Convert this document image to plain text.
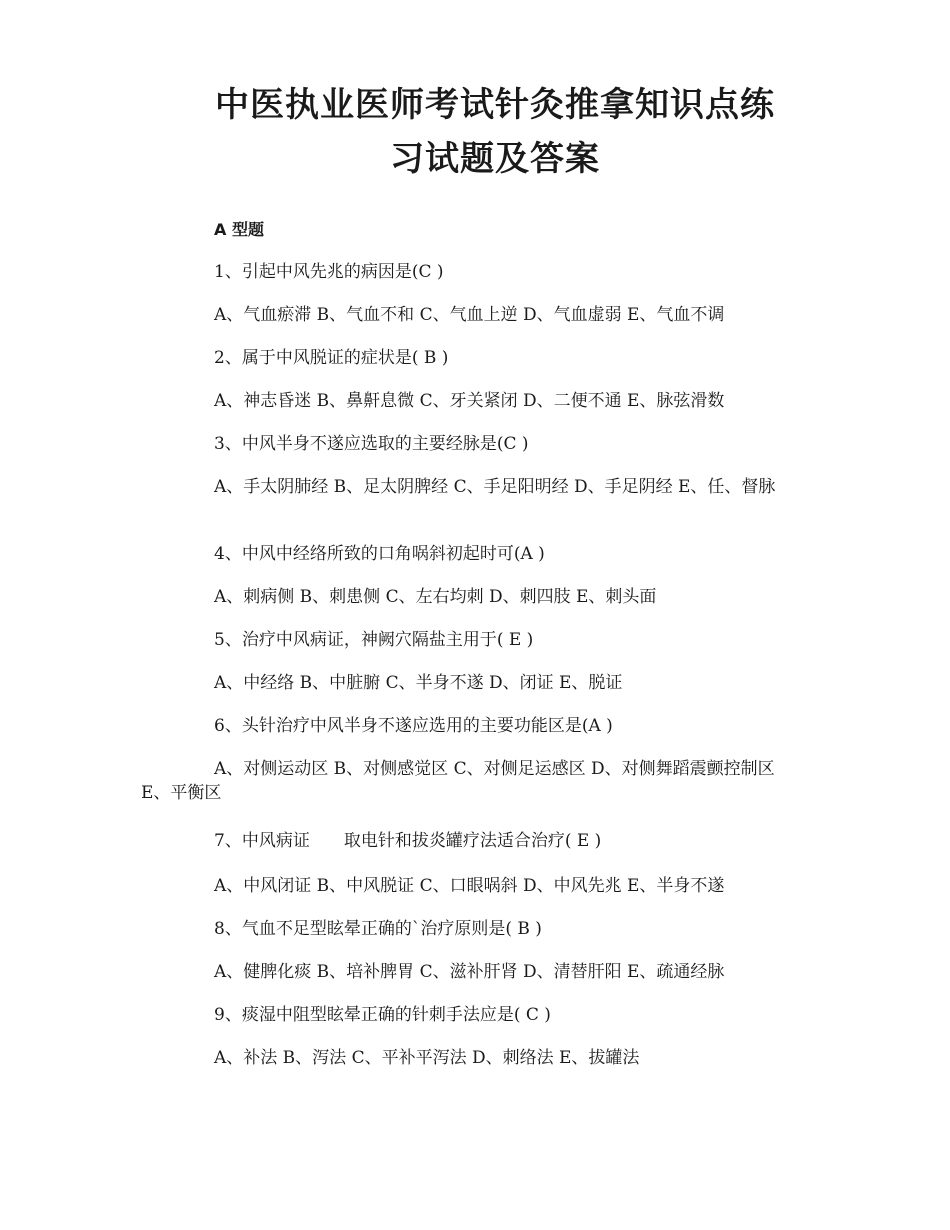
中医执业医师考试针灸推拿知识点练
习试题及答案

A 型题

1、引起中风先兆的病因是(C )

A、气血瘀滞 B、气血不和 C、气血上逆 D、气血虚弱 E、气血不调

2、属于中风脱证的症状是( B )

A、神志昏迷 B、鼻鼾息微 C、牙关紧闭 D、二便不通 E、脉弦滑数

3、中风半身不遂应选取的主要经脉是(C )

A、手太阴肺经 B、足太阴脾经 C、手足阳明经 D、手足阴经 E、任、督脉

4、中风中经络所致的口角㖞斜初起时可(A )

A、刺病侧 B、刺患侧 C、左右均刺 D、刺四肢 E、刺头面

5、治疗中风病证，神阙穴隔盐主用于( E )

A、中经络 B、中脏腑 C、半身不遂 D、闭证 E、脱证

6、头针治疗中风半身不遂应选用的主要功能区是(A )

A、对侧运动区 B、对侧感觉区 C、对侧足运感区 D、对侧舞蹈震颤控制区 E、平衡区

7、中风病证　　取电针和拔炎罐疗法适合治疗( E )

A、中风闭证 B、中风脱证 C、口眼㖞斜 D、中风先兆 E、半身不遂

8、气血不足型眩晕正确的`治疗原则是( B )

A、健脾化痰 B、培补脾胃 C、滋补肝肾 D、清替肝阳 E、疏通经脉

9、痰湿中阻型眩晕正确的针刺手法应是( C )

A、补法 B、泻法 C、平补平泻法 D、刺络法 E、拔罐法
